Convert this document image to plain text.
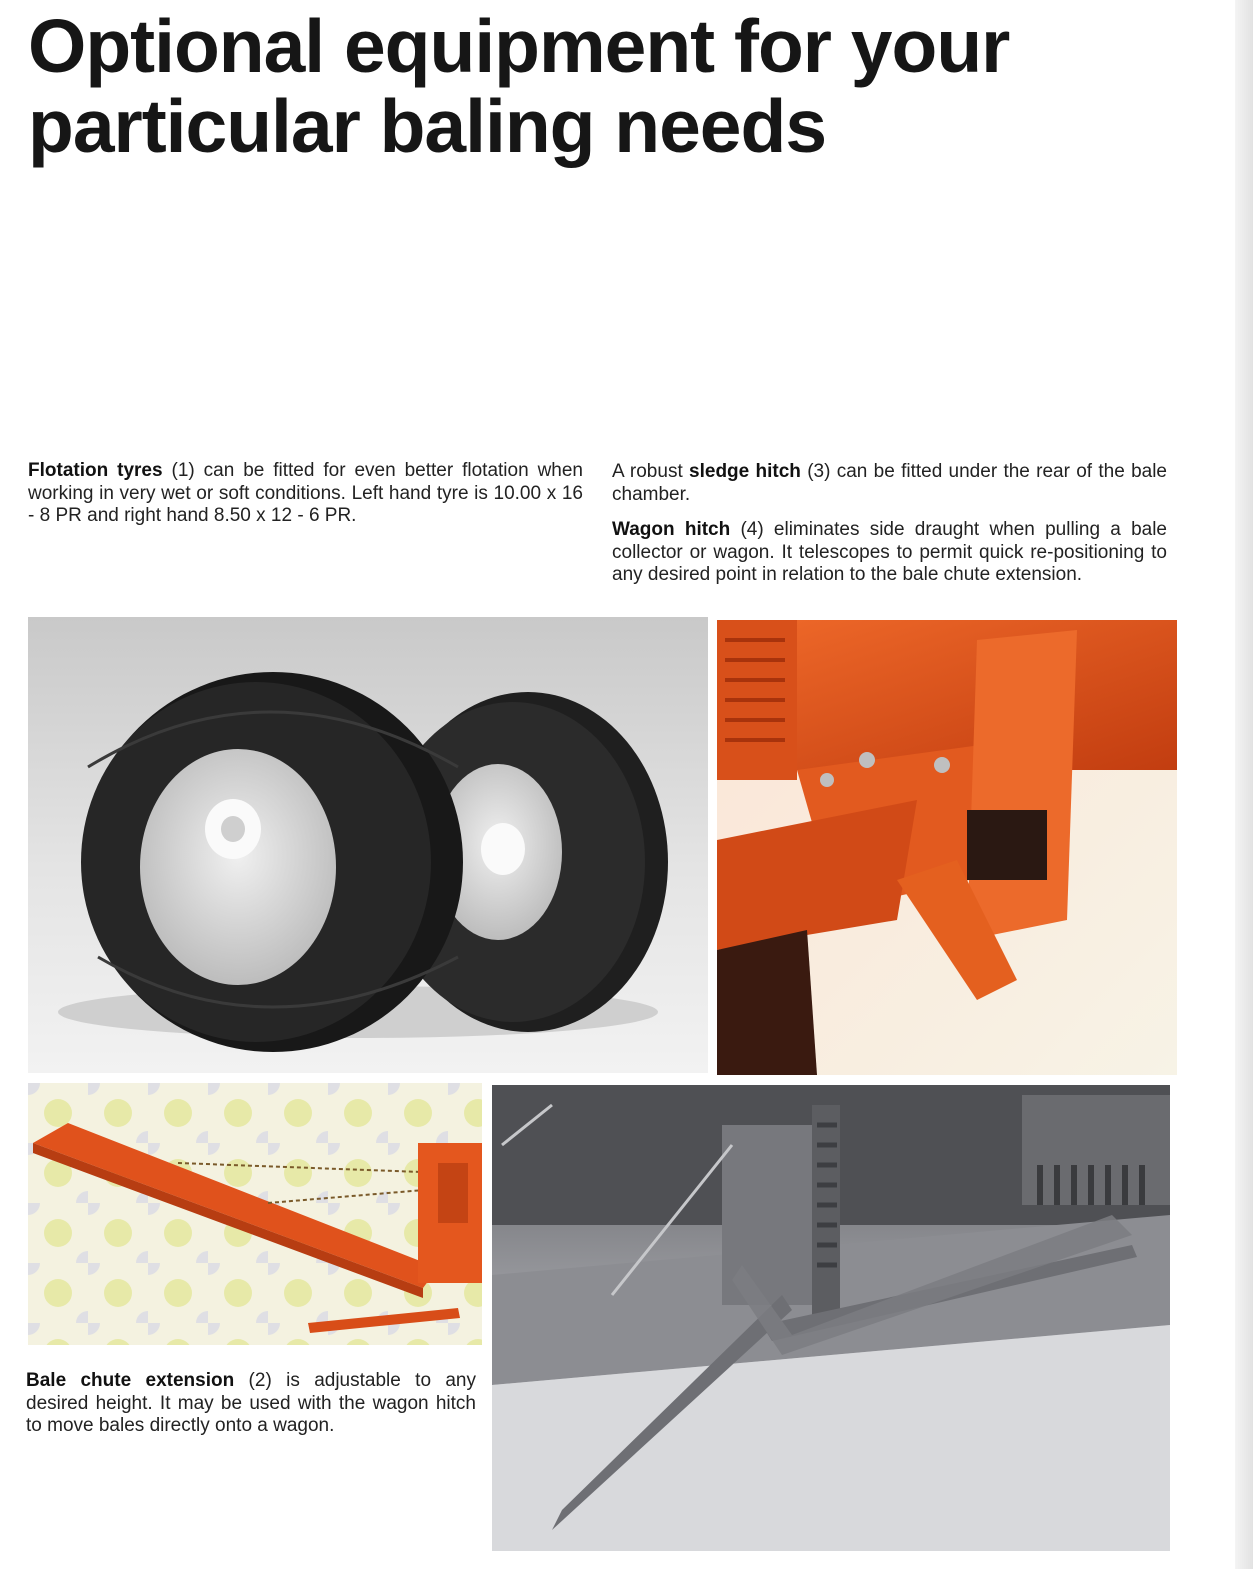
Optional equipment for your
particular baling needs

Flotation tyres (1) can be fitted for even better flotation when working in very wet or soft conditions. Left hand tyre is 10.00 x 16 - 8 PR and right hand 8.50 x 12 - 6 PR.

A robust sledge hitch (3) can be fitted under the rear of the bale chamber.

Wagon hitch (4) eliminates side draught when pulling a bale collector or wagon. It telescopes to permit quick re-positioning to any desired point in relation to the bale chute extension.

Bale chute extension (2) is adjustable to any desired height. It may be used with the wagon hitch to move bales directly onto a wagon.
